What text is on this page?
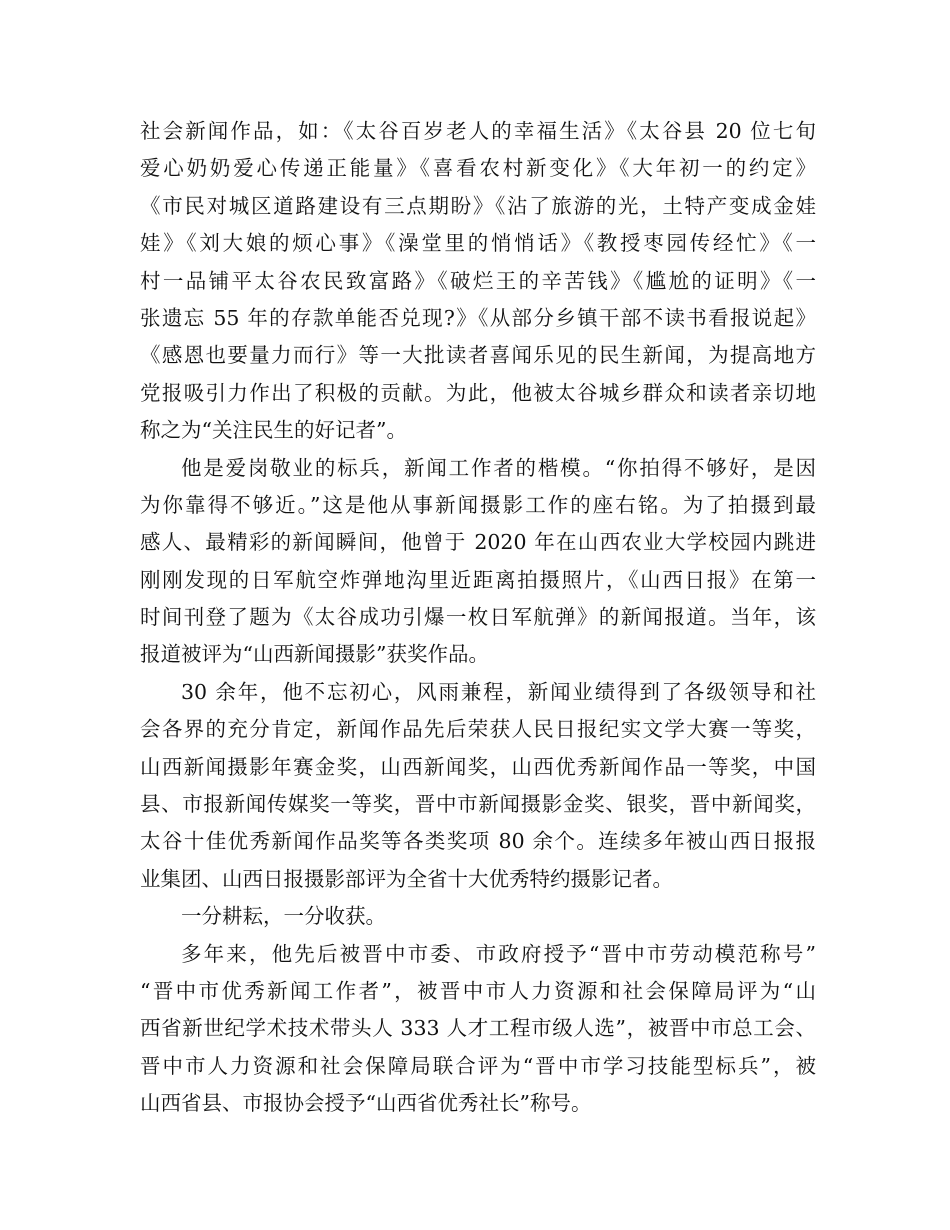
社会新闻作品，如：《太谷百岁老人的幸福生活》《太谷县 20 位七旬
爱心奶奶爱心传递正能量》《喜看农村新变化》《大年初一的约定》
《市民对城区道路建设有三点期盼》《沾了旅游的光，土特产变成金娃
娃》《刘大娘的烦心事》《澡堂里的悄悄话》《教授枣园传经忙》《一
村一品铺平太谷农民致富路》《破烂王的辛苦钱》《尴尬的证明》《一
张遗忘 55 年的存款单能否兑现?》《从部分乡镇干部不读书看报说起》
《感恩也要量力而行》等一大批读者喜闻乐见的民生新闻，为提高地方
党报吸引力作出了积极的贡献。为此，他被太谷城乡群众和读者亲切地
称之为“关注民生的好记者”。
他是爱岗敬业的标兵，新闻工作者的楷模。“你拍得不够好，是因
为你靠得不够近。”这是他从事新闻摄影工作的座右铭。为了拍摄到最
感人、最精彩的新闻瞬间，他曾于 2020 年在山西农业大学校园内跳进
刚刚发现的日军航空炸弹地沟里近距离拍摄照片，《山西日报》在第一
时间刊登了题为《太谷成功引爆一枚日军航弹》的新闻报道。当年，该
报道被评为“山西新闻摄影”获奖作品。
30 余年，他不忘初心，风雨兼程，新闻业绩得到了各级领导和社
会各界的充分肯定，新闻作品先后荣获人民日报纪实文学大赛一等奖，
山西新闻摄影年赛金奖，山西新闻奖，山西优秀新闻作品一等奖，中国
县、市报新闻传媒奖一等奖，晋中市新闻摄影金奖、银奖，晋中新闻奖，
太谷十佳优秀新闻作品奖等各类奖项 80 余个。连续多年被山西日报报
业集团、山西日报摄影部评为全省十大优秀特约摄影记者。
一分耕耘，一分收获。
多年来，他先后被晋中市委、市政府授予“晋中市劳动模范称号”
“晋中市优秀新闻工作者”，被晋中市人力资源和社会保障局评为“山
西省新世纪学术技术带头人 333 人才工程市级人选”，被晋中市总工会、
晋中市人力资源和社会保障局联合评为“晋中市学习技能型标兵”，被
山西省县、市报协会授予“山西省优秀社长”称号。
